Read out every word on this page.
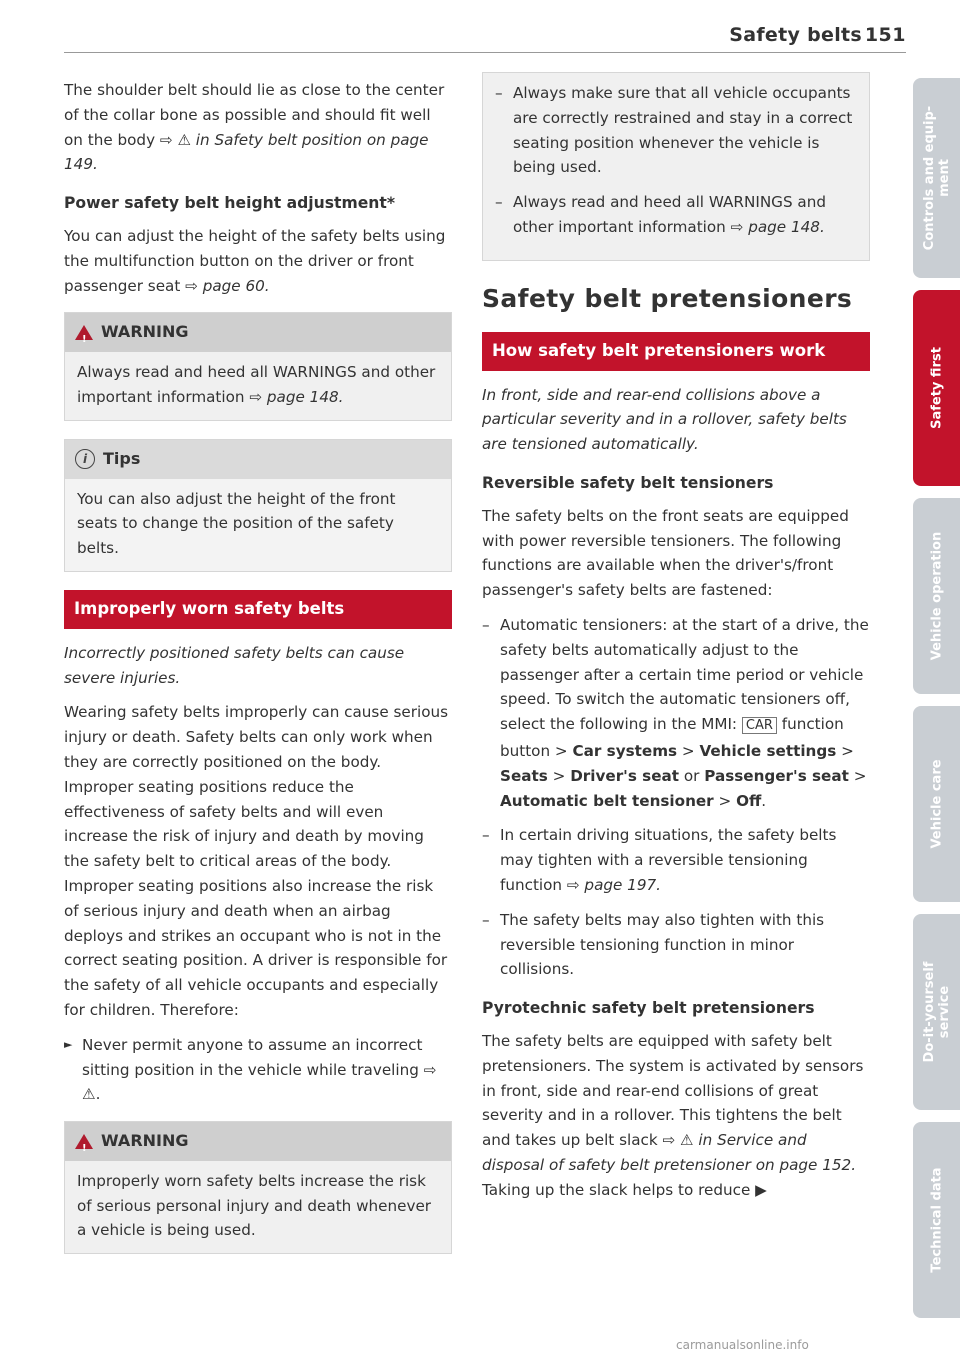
Safety belts 151

The shoulder belt should lie as close to the center of the collar bone as possible and should fit well on the body ⇨ ⚠ in Safety belt position on page 149.

Power safety belt height adjustment*

You can adjust the height of the safety belts using the multifunction button on the driver or front passenger seat ⇨ page 60.

! WARNING
Always read and heed all WARNINGS and other important information ⇨ page 148.
i Tips
You can also adjust the height of the front seats to change the position of the safety belts.
Improperly worn safety belts

Incorrectly positioned safety belts can cause severe injuries.

Wearing safety belts improperly can cause serious injury or death. Safety belts can only work when they are correctly positioned on the body. Improper seating positions reduce the effectiveness of safety belts and will even increase the risk of injury and death by moving the safety belt to critical areas of the body. Improper seating positions also increase the risk of serious injury and death when an airbag deploys and strikes an occupant who is not in the correct seating position. A driver is responsible for the safety of all vehicle occupants and especially for children. Therefore:

► Never permit anyone to assume an incorrect sitting position in the vehicle while traveling ⇨ ⚠.

! WARNING
Improperly worn safety belts increase the risk of serious personal injury and death whenever a vehicle is being used.

– Always make sure that all vehicle occupants are correctly restrained and stay in a correct seating position whenever the vehicle is being used.

– Always read and heed all WARNINGS and other important information ⇨ page 148.

Safety belt pretensioners
How safety belt pretensioners work

In front, side and rear-end collisions above a particular severity and in a rollover, safety belts are tensioned automatically.

Reversible safety belt tensioners

The safety belts on the front seats are equipped with power reversible tensioners. The following functions are available when the driver's/front passenger's safety belts are fastened:

– Automatic tensioners: at the start of a drive, the safety belts automatically adjust to the passenger after a certain time period or vehicle speed. To switch the automatic tensioners off, select the following in the MMI: CAR function button > Car systems > Vehicle settings > Seats > Driver's seat or Passenger's seat > Automatic belt tensioner > Off.

– In certain driving situations, the safety belts may tighten with a reversible tensioning function ⇨ page 197.

– The safety belts may also tighten with this reversible tensioning function in minor collisions.

Pyrotechnic safety belt pretensioners

The safety belts are equipped with safety belt pretensioners. The system is activated by sensors in front, side and rear-end collisions of great severity and in a rollover. This tightens the belt and takes up belt slack ⇨ ⚠ in Service and disposal of safety belt pretensioner on page 152. Taking up the slack helps to reduce ▶

Controls and equip-
ment
Safety first
Vehicle operation
Vehicle care
Do-it-yourself
service
Technical data
carmanualsonline.info
